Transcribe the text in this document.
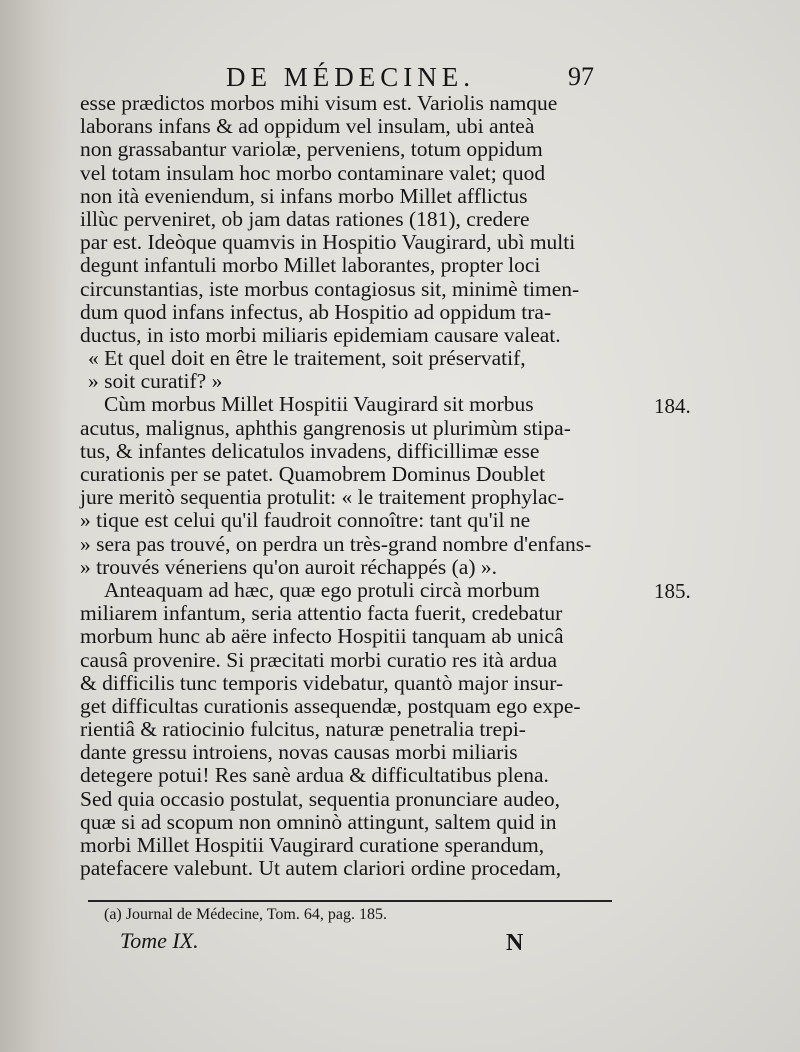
DE MÉDECINE.	97
esse prædictos morbos mihi visum est. Variolis namque
laborans infans & ad oppidum vel insulam, ubi anteà
non grassabantur variolæ, perveniens, totum oppidum
vel totam insulam hoc morbo contaminare valet; quod
non ità eveniendum, si infans morbo Millet afflictus
illùc perveniret, ob jam datas rationes (181), credere
par est. Ideòque quamvis in Hospitio Vaugirard, ubì multi
degunt infantuli morbo Millet laborantes, propter loci
circunstantias, iste morbus contagiosus sit, minimè timen-
dum quod infans infectus, ab Hospitio ad oppidum tra-
ductus, in isto morbi miliaris epidemiam causare valeat.
« Et quel doit en être le traitement, soit préservatif,
» soit curatif? »
Cùm morbus Millet Hospitii Vaugirard sit morbus
acutus, malignus, aphthis gangrenosis ut plurimùm stipa-
tus, & infantes delicatulos invadens, difficillimæ esse
curationis per se patet. Quamobrem Dominus Doublet
jure meritò sequentia protulit: « le traitement prophylac-
» tique est celui qu'il faudroit connoître: tant qu'il ne
» sera pas trouvé, on perdra un très-grand nombre d'enfans-
» trouvés véneriens qu'on auroit réchappés (a) ».
Anteaquam ad hæc, quæ ego protuli circà morbum
miliarem infantum, seria attentio facta fuerit, credebatur
morbum hunc ab aëre infecto Hospitii tanquam ab unicâ
causâ provenire. Si præcitati morbi curatio res ità ardua
& difficilis tunc temporis videbatur, quantò major insur-
get difficultas curationis assequendæ, postquam ego expe-
rientiâ & ratiocinio fulcitus, naturæ penetralia trepi-
dante gressu introiens, novas causas morbi miliaris
detegere potui! Res sanè ardua & difficultatibus plena.
Sed quia occasio postulat, sequentia pronunciare audeo,
quæ si ad scopum non omninò attingunt, saltem quid in
morbi Millet Hospitii Vaugirard curatione sperandum,
patefacere valebunt. Ut autem clariori ordine procedam,
184.
185.
(a) Journal de Médecine, Tom. 64, pag. 185.
Tome IX.	N
